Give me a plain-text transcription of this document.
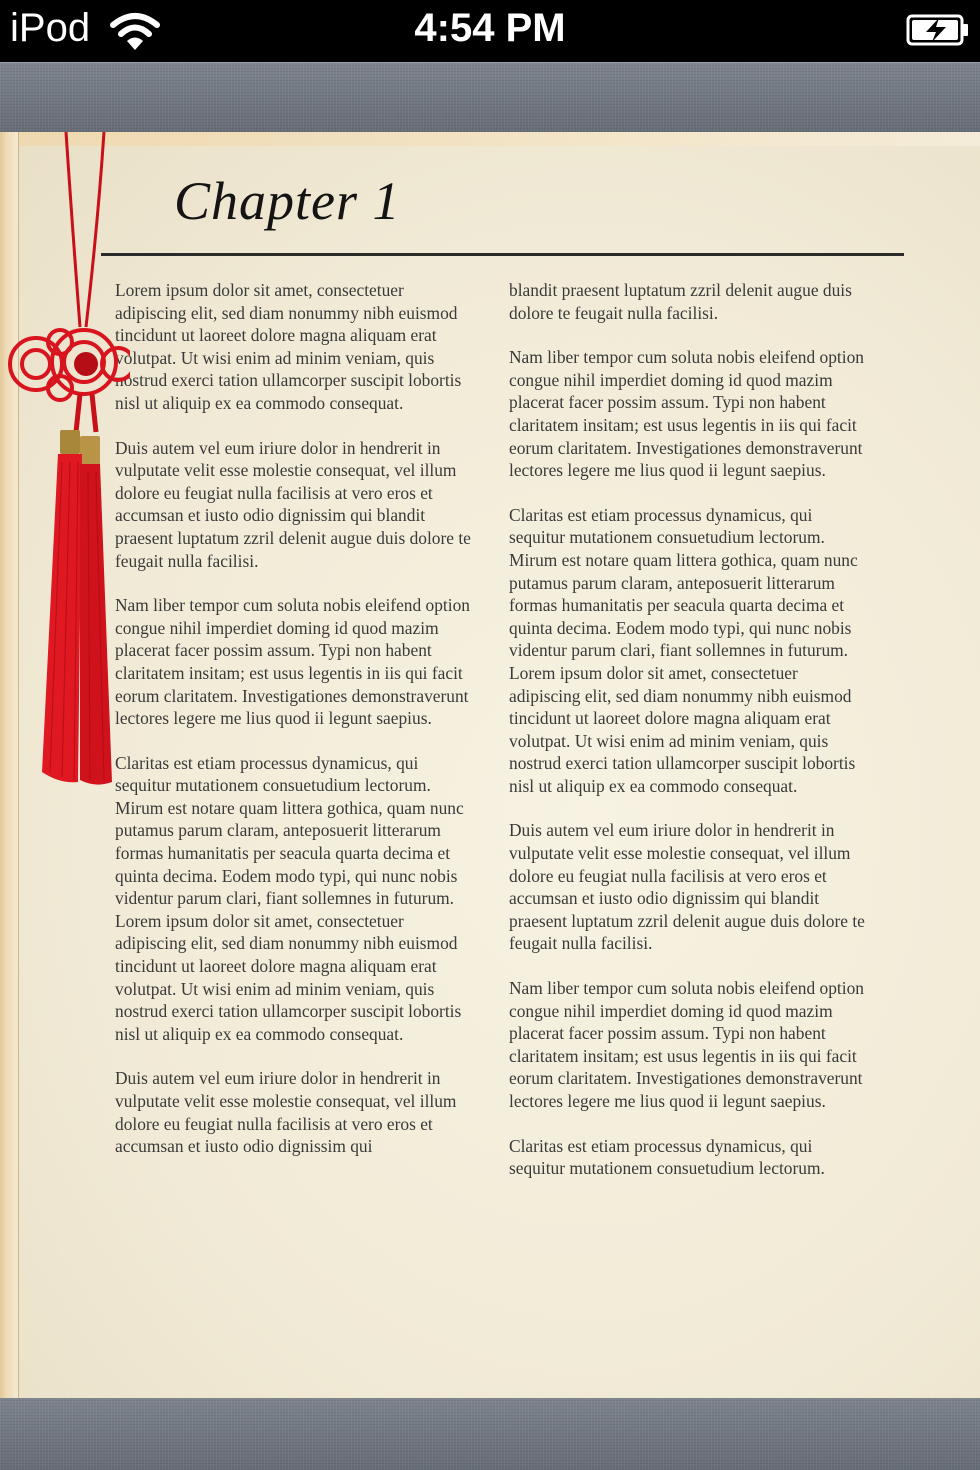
iPod	4:54 PM
Chapter 1

Lorem ipsum dolor sit amet, consectetuer adipiscing elit, sed diam nonummy nibh euismod tincidunt ut laoreet dolore magna aliquam erat volutpat. Ut wisi enim ad minim veniam, quis nostrud exerci tation ullamcorper suscipit lobortis nisl ut aliquip ex ea commodo consequat.

Duis autem vel eum iriure dolor in hendrerit in vulputate velit esse molestie consequat, vel illum dolore eu feugiat nulla facilisis at vero eros et accumsan et iusto odio dignissim qui blandit praesent luptatum zzril delenit augue duis dolore te feugait nulla facilisi.

Nam liber tempor cum soluta nobis eleifend option congue nihil imperdiet doming id quod mazim placerat facer possim assum. Typi non habent claritatem insitam; est usus legentis in iis qui facit eorum claritatem. Investigationes demonstraverunt lectores legere me lius quod ii legunt saepius.

Claritas est etiam processus dynamicus, qui sequitur mutationem consuetudium lectorum. Mirum est notare quam littera gothica, quam nunc putamus parum claram, anteposuerit litterarum formas humanitatis per seacula quarta decima et quinta decima. Eodem modo typi, qui nunc nobis videntur parum clari, fiant sollemnes in futurum. Lorem ipsum dolor sit amet, consectetuer adipiscing elit, sed diam nonummy nibh euismod tincidunt ut laoreet dolore magna aliquam erat volutpat. Ut wisi enim ad minim veniam, quis nostrud exerci tation ullamcorper suscipit lobortis nisl ut aliquip ex ea commodo consequat.

Duis autem vel eum iriure dolor in hendrerit in vulputate velit esse molestie consequat, vel illum dolore eu feugiat nulla facilisis at vero eros et accumsan et iusto odio dignissim qui

blandit praesent luptatum zzril delenit augue duis dolore te feugait nulla facilisi.

Nam liber tempor cum soluta nobis eleifend option congue nihil imperdiet doming id quod mazim placerat facer possim assum. Typi non habent claritatem insitam; est usus legentis in iis qui facit eorum claritatem. Investigationes demonstraverunt lectores legere me lius quod ii legunt saepius.

Claritas est etiam processus dynamicus, qui sequitur mutationem consuetudium lectorum. Mirum est notare quam littera gothica, quam nunc putamus parum claram, anteposuerit litterarum formas humanitatis per seacula quarta decima et quinta decima. Eodem modo typi, qui nunc nobis videntur parum clari, fiant sollemnes in futurum. Lorem ipsum dolor sit amet, consectetuer adipiscing elit, sed diam nonummy nibh euismod tincidunt ut laoreet dolore magna aliquam erat volutpat. Ut wisi enim ad minim veniam, quis nostrud exerci tation ullamcorper suscipit lobortis nisl ut aliquip ex ea commodo consequat.

Duis autem vel eum iriure dolor in hendrerit in vulputate velit esse molestie consequat, vel illum dolore eu feugiat nulla facilisis at vero eros et accumsan et iusto odio dignissim qui blandit praesent luptatum zzril delenit augue duis dolore te feugait nulla facilisi.

Nam liber tempor cum soluta nobis eleifend option congue nihil imperdiet doming id quod mazim placerat facer possim assum. Typi non habent claritatem insitam; est usus legentis in iis qui facit eorum claritatem. Investigationes demonstraverunt lectores legere me lius quod ii legunt saepius.

Claritas est etiam processus dynamicus, qui sequitur mutationem consuetudium lectorum.
